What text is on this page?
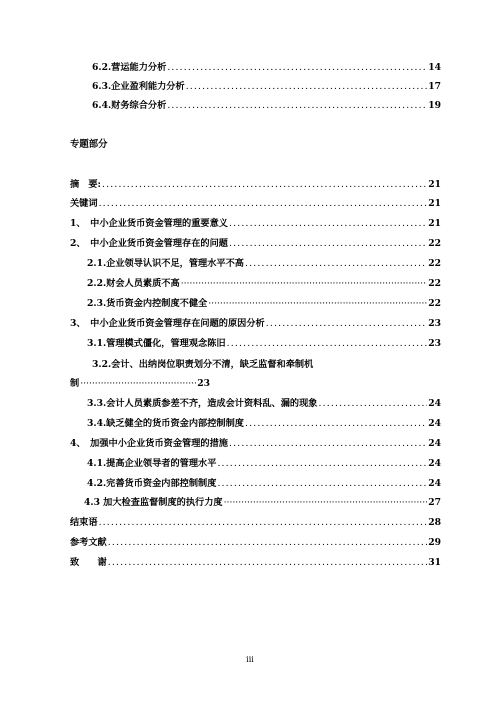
6.2.营运能力分析 .....	14
6.3.企业盈利能力分析 .....	17
6.4.财务综合分析 .....	19
专题部分
摘　要: .....	21
关键词 .....	21
1、　中小企业货币资金管理的重要意义 .....	21
2、　中小企业货币资金管理存在的问题 .....	22
2.1.企业领导认识不足，管理水平不高 .....	22
2.2.财会人员素质不高 ·····	22
2.3.货币资金内控制度不健全 ·····	22
3、　中小企业货币资金管理存在问题的原因分析 .....	23
3.1.管理模式僵化，管理观念陈旧 .....	23
3.2.会计、出纳岗位职责划分不清，缺乏监督和牵制机
制 ·····	23
3.3.会计人员素质参差不齐，造成会计资料乱、漏的现象 .....	24
3.4.缺乏健全的货币资金内部控制制度 .....	24
4、　加强中小企业货币资金管理的措施 .....	24
4.1.提高企业领导者的管理水平 .....	24
4.2.完善货币资金内部控制制度 .....	24
4.3 加大检查监督制度的执行力度 ·····	27
结束语 .....	28
参考文献 .....	29
致　　谢 .....	31
iii
